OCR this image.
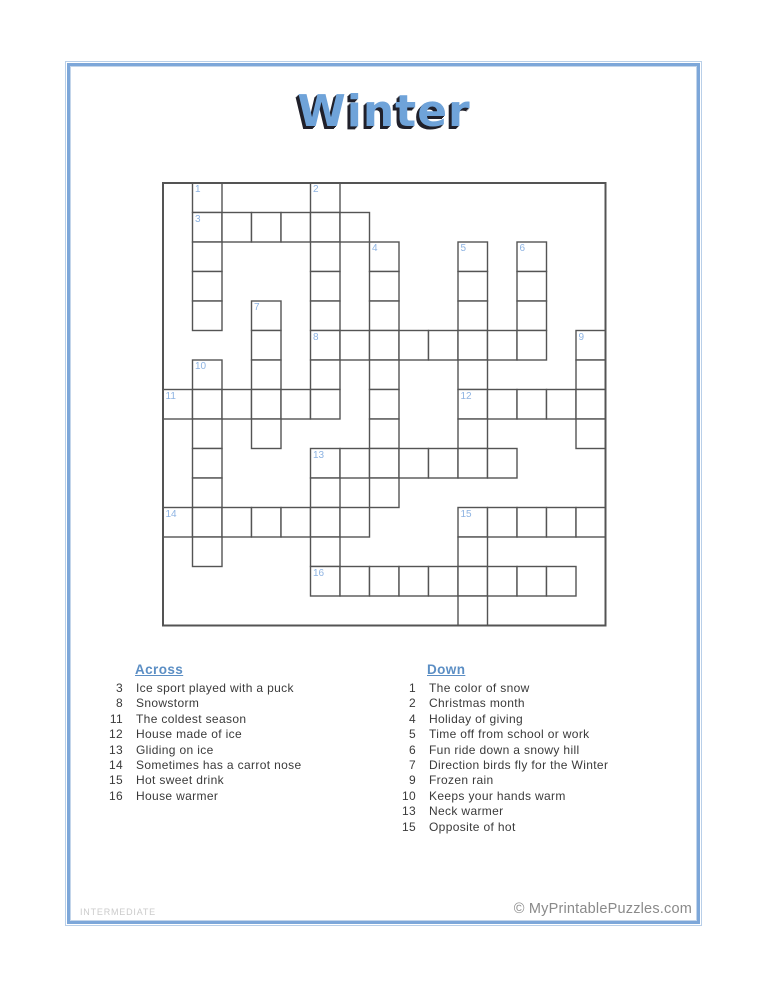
Winter
1	2
3
4	5	6
7
8	9
10
11	12
13
14	15
16
Across
3 Ice sport played with a puck
8 Snowstorm
11 The coldest season
12 House made of ice
13 Gliding on ice
14 Sometimes has a carrot nose
15 Hot sweet drink
16 House warmer
Down
1 The color of snow
2 Christmas month
4 Holiday of giving
5 Time off from school or work
6 Fun ride down a snowy hill
7 Direction birds fly for the Winter
9 Frozen rain
10 Keeps your hands warm
13 Neck warmer
15 Opposite of hot
INTERMEDIATE	© MyPrintablePuzzles.com
